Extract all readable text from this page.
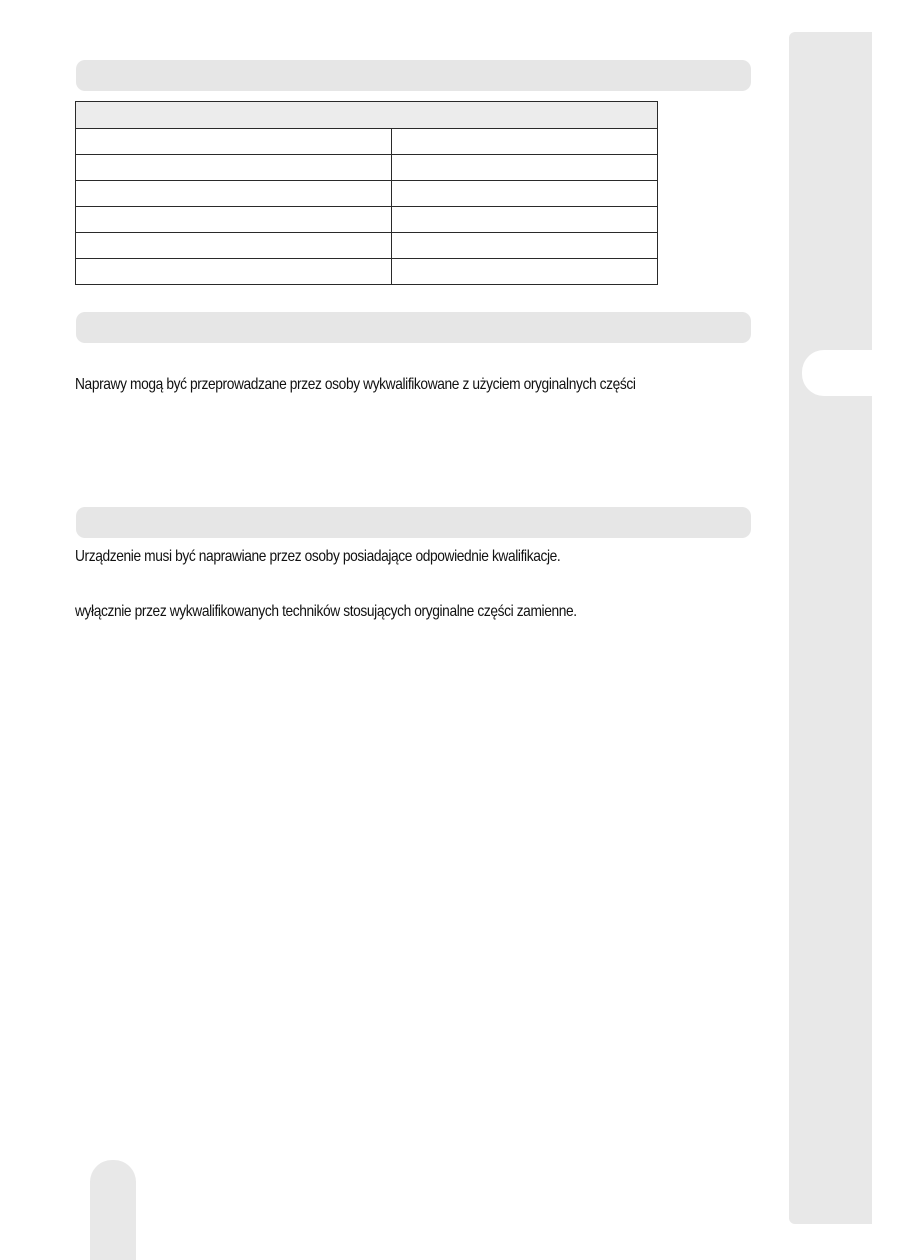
Naprawy mogą być przeprowadzane przez osoby wykwalifikowane z użyciem oryginalnych części
Urządzenie musi być naprawiane przez osoby posiadające odpowiednie kwalifikacje.
wyłącznie przez wykwalifikowanych techników stosujących oryginalne części zamienne.
